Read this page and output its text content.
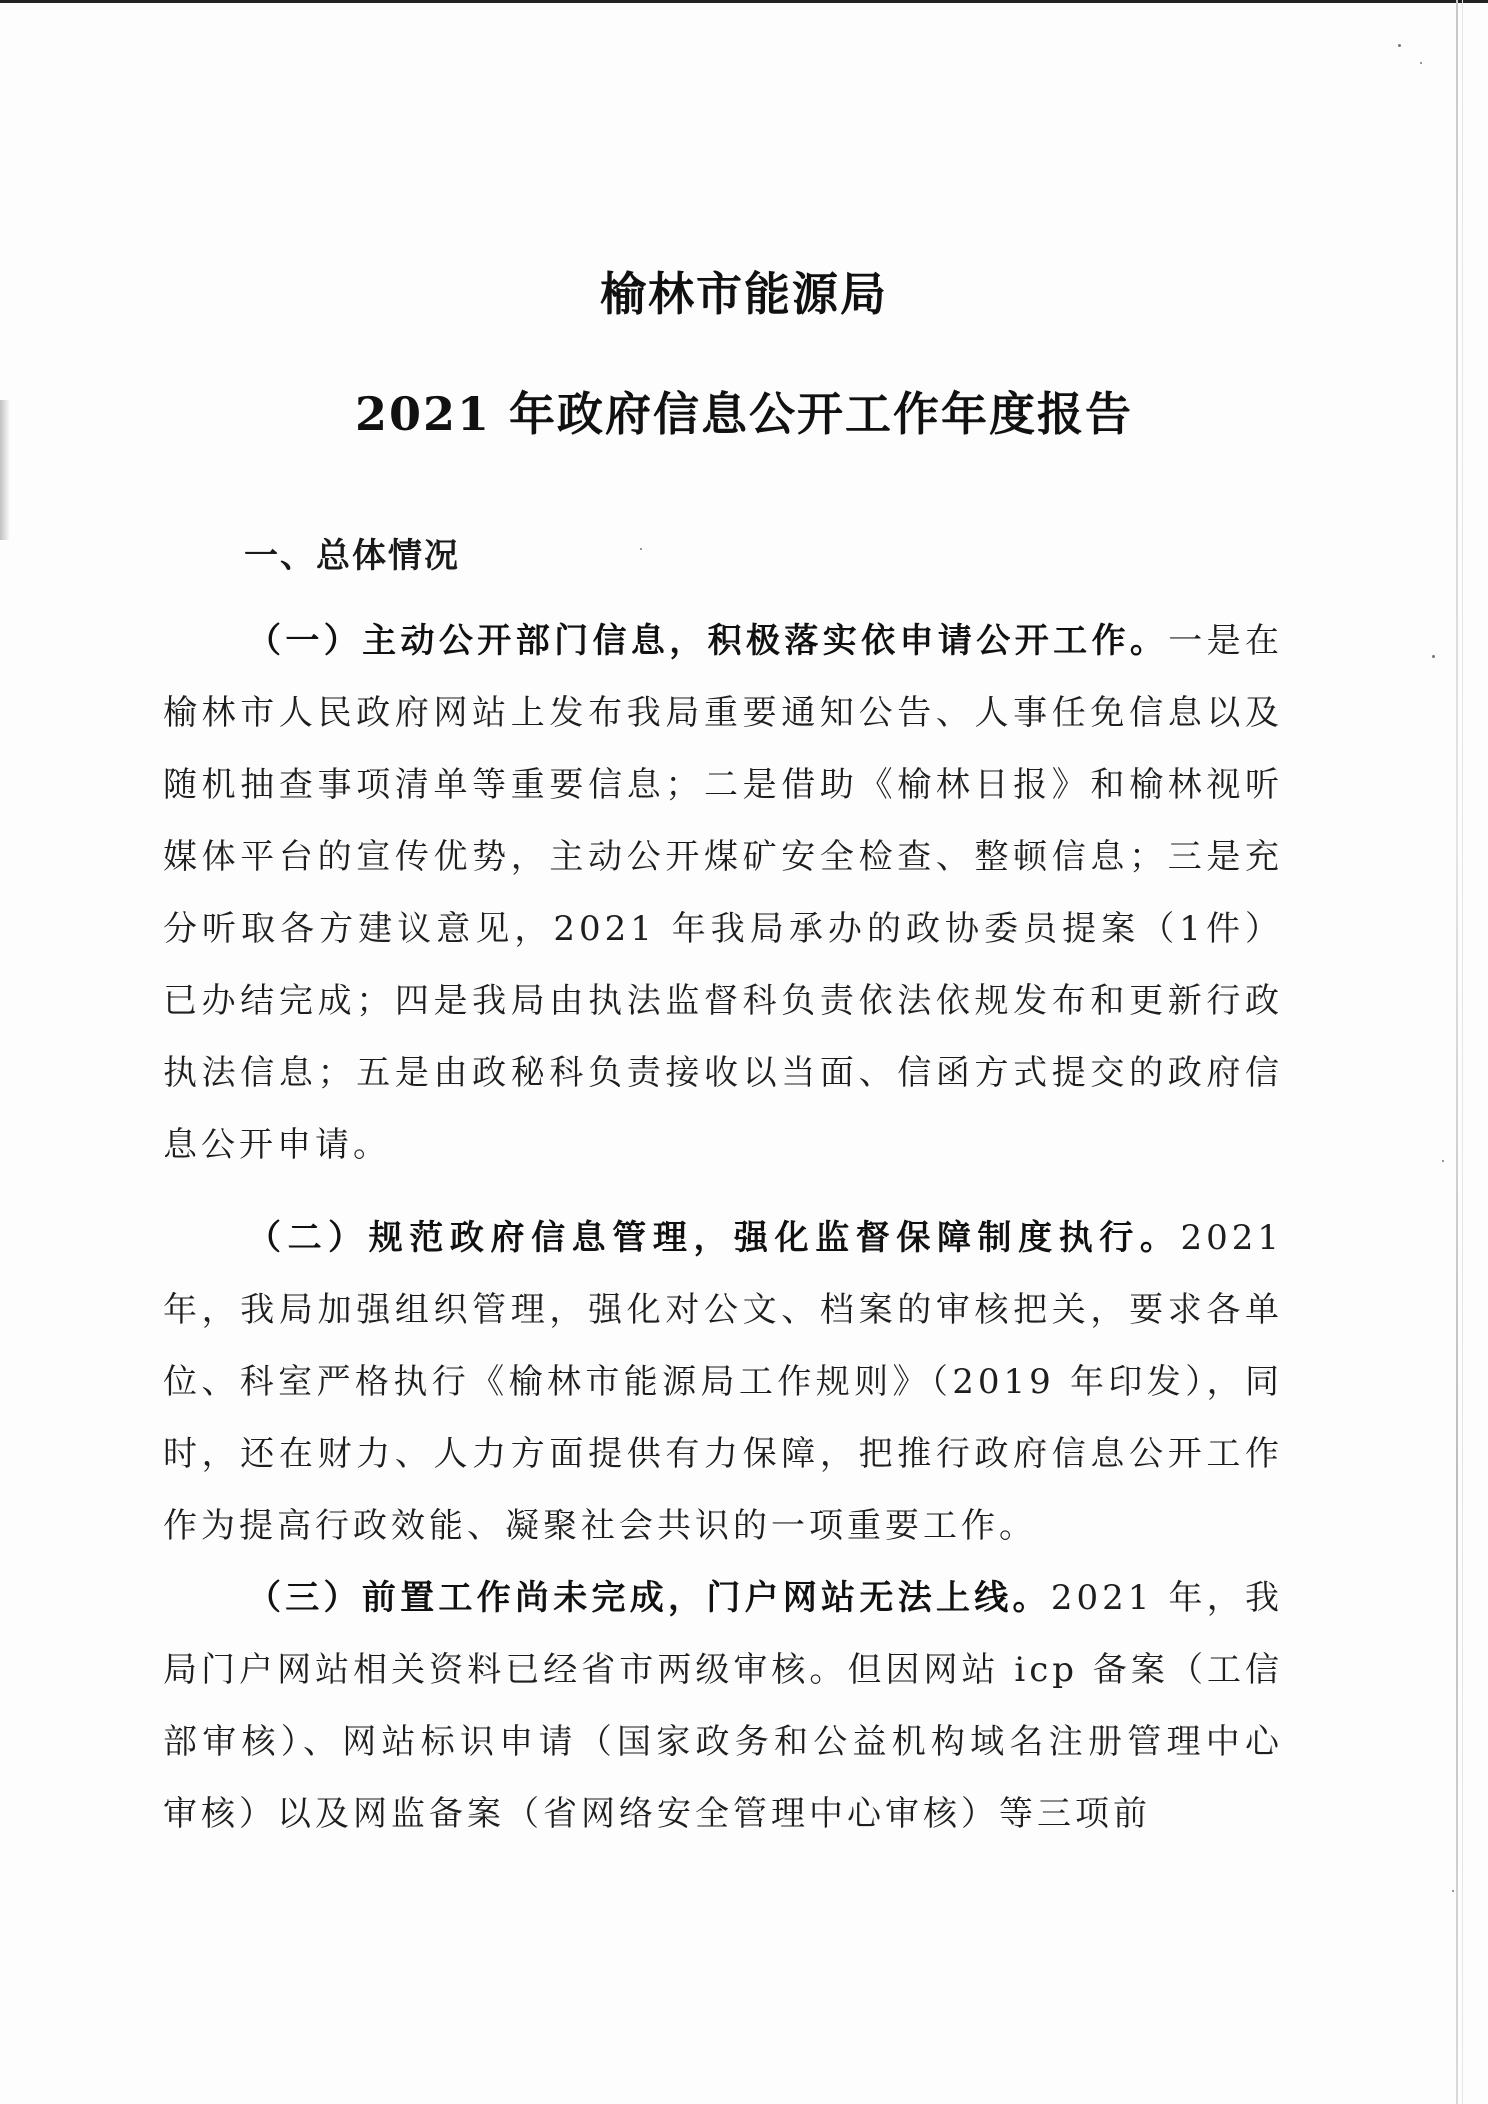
榆林市能源局
2021 年政府信息公开工作年度报告
一、总体情况

（一）主动公开部门信息，积极落实依申请公开工作。一是在榆林市人民政府网站上发布我局重要通知公告、人事任免信息以及随机抽查事项清单等重要信息；二是借助《榆林日报》和榆林视听媒体平台的宣传优势，主动公开煤矿安全检查、整顿信息；三是充分听取各方建议意见，2021 年我局承办的政协委员提案（1件）已办结完成；四是我局由执法监督科负责依法依规发布和更新行政执法信息；五是由政秘科负责接收以当面、信函方式提交的政府信息公开申请。

（二）规范政府信息管理，强化监督保障制度执行。2021 年，我局加强组织管理，强化对公文、档案的审核把关，要求各单位、科室严格执行《榆林市能源局工作规则》（2019 年印发），同时，还在财力、人力方面提供有力保障，把推行政府信息公开工作作为提高行政效能、凝聚社会共识的一项重要工作。

（三）前置工作尚未完成，门户网站无法上线。2021 年，我局门户网站相关资料已经省市两级审核。但因网站 icp 备案（工信部审核）、网站标识申请（国家政务和公益机构域名注册管理中心审核）以及网监备案（省网络安全管理中心审核）等三项前
